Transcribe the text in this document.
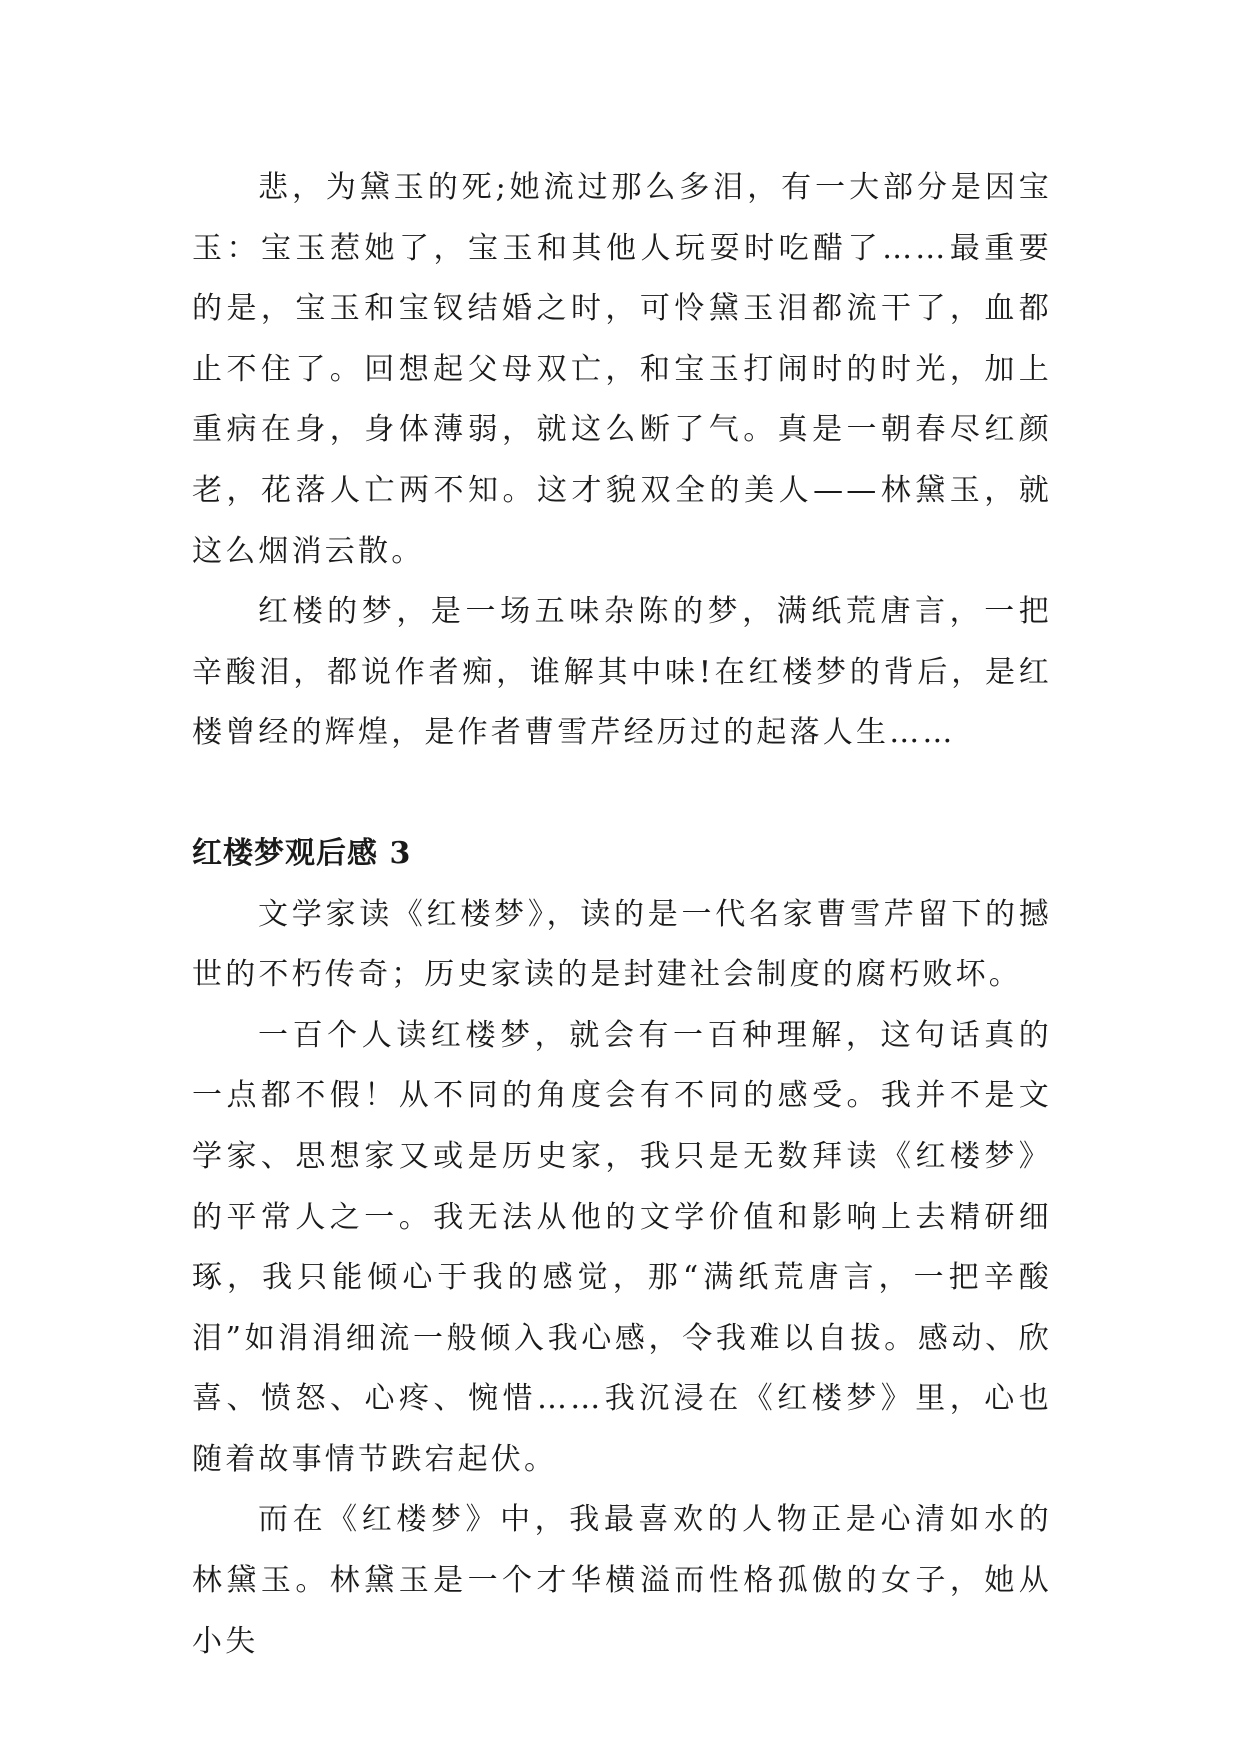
悲，为黛玉的死;她流过那么多泪，有一大部分是因宝玉：宝玉惹她了，宝玉和其他人玩耍时吃醋了……最重要的是，宝玉和宝钗结婚之时，可怜黛玉泪都流干了，血都止不住了。回想起父母双亡，和宝玉打闹时的时光，加上重病在身，身体薄弱，就这么断了气。真是一朝春尽红颜老，花落人亡两不知。这才貌双全的美人——林黛玉，就这么烟消云散。

红楼的梦，是一场五味杂陈的梦，满纸荒唐言，一把辛酸泪，都说作者痴，谁解其中味!在红楼梦的背后，是红楼曾经的辉煌，是作者曹雪芹经历过的起落人生……

红楼梦观后感 3

文学家读《红楼梦》，读的是一代名家曹雪芹留下的撼世的不朽传奇；历史家读的是封建社会制度的腐朽败坏。

一百个人读红楼梦，就会有一百种理解，这句话真的一点都不假！从不同的角度会有不同的感受。我并不是文学家、思想家又或是历史家，我只是无数拜读《红楼梦》的平常人之一。我无法从他的文学价值和影响上去精研细琢，我只能倾心于我的感觉，那“满纸荒唐言，一把辛酸泪”如涓涓细流一般倾入我心感，令我难以自拔。感动、欣喜、愤怒、心疼、惋惜……我沉浸在《红楼梦》里，心也随着故事情节跌宕起伏。

而在《红楼梦》中，我最喜欢的人物正是心清如水的林黛玉。林黛玉是一个才华横溢而性格孤傲的女子，她从小失
